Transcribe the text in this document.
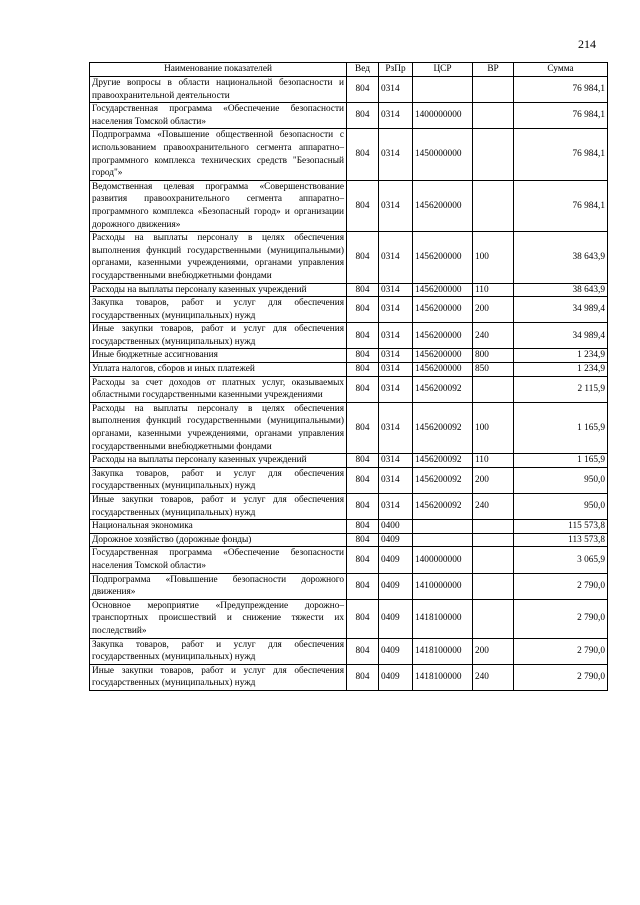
214
Наименование показателей	Вед	РзПр	ЦСР	ВР	Сумма
Другие вопросы в области национальной безопасности и правоохранительной деятельности	804	0314			76 984,1
Государственная программа «Обеспечение безопасности населения Томской области»	804	0314	1400000000		76 984,1
Подпрограмма «Повышение общественной безопасности с использованием правоохранительного сегмента аппаратно–программного комплекса технических средств "Безопасный город"»	804	0314	1450000000		76 984,1
Ведомственная целевая программа «Совершенствование развития правоохранительного сегмента аппаратно–программного комплекса «Безопасный город» и организации дорожного движения»	804	0314	1456200000		76 984,1
Расходы на выплаты персоналу в целях обеспечения выполнения функций государственными (муниципальными) органами, казенными учреждениями, органами управления государственными внебюджетными фондами	804	0314	1456200000	100	38 643,9
Расходы на выплаты персоналу казенных учреждений	804	0314	1456200000	110	38 643,9
Закупка товаров, работ и услуг для обеспечения государственных (муниципальных) нужд	804	0314	1456200000	200	34 989,4
Иные закупки товаров, работ и услуг для обеспечения государственных (муниципальных) нужд	804	0314	1456200000	240	34 989,4
Иные бюджетные ассигнования	804	0314	1456200000	800	1 234,9
Уплата налогов, сборов и иных платежей	804	0314	1456200000	850	1 234,9
Расходы за счет доходов от платных услуг, оказываемых областными государственными казенными учреждениями	804	0314	1456200092		2 115,9
Расходы на выплаты персоналу в целях обеспечения выполнения функций государственными (муниципальными) органами, казенными учреждениями, органами управления государственными внебюджетными фондами	804	0314	1456200092	100	1 165,9
Расходы на выплаты персоналу казенных учреждений	804	0314	1456200092	110	1 165,9
Закупка товаров, работ и услуг для обеспечения государственных (муниципальных) нужд	804	0314	1456200092	200	950,0
Иные закупки товаров, работ и услуг для обеспечения государственных (муниципальных) нужд	804	0314	1456200092	240	950,0
Национальная экономика	804	0400			115 573,8
Дорожное хозяйство (дорожные фонды)	804	0409			113 573,8
Государственная программа «Обеспечение безопасности населения Томской области»	804	0409	1400000000		3 065,9
Подпрограмма «Повышение безопасности дорожного движения»	804	0409	1410000000		2 790,0
Основное мероприятие «Предупреждение дорожно–транспортных происшествий и снижение тяжести их последствий»	804	0409	1418100000		2 790,0
Закупка товаров, работ и услуг для обеспечения государственных (муниципальных) нужд	804	0409	1418100000	200	2 790,0
Иные закупки товаров, работ и услуг для обеспечения государственных (муниципальных) нужд	804	0409	1418100000	240	2 790,0
